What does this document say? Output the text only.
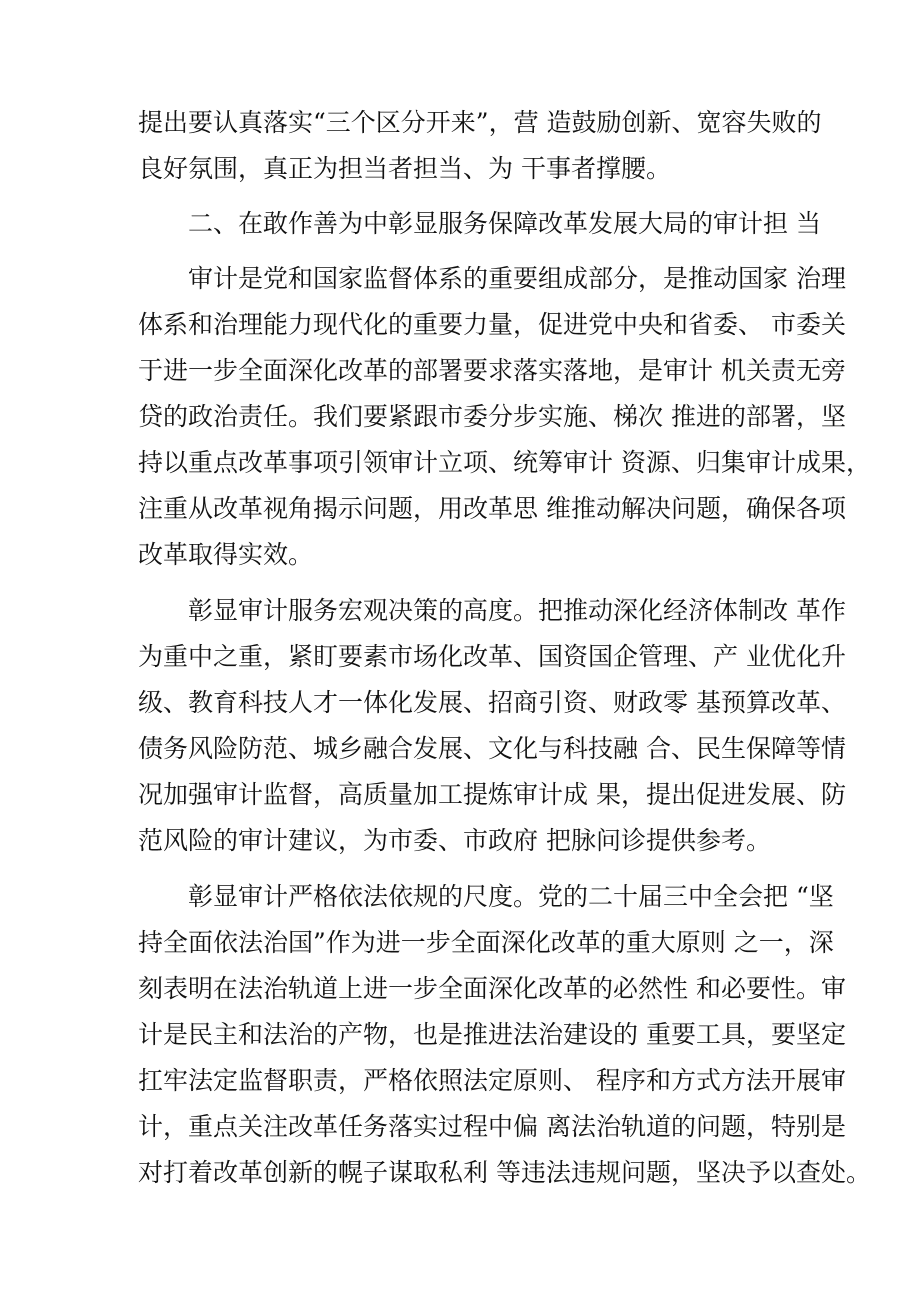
提出要认真落实“三个区分开来”，营 造鼓励创新、宽容失败的
良好氛围，真正为担当者担当、为 干事者撑腰。
二、在敢作善为中彰显服务保障改革发展大局的审计担 当
审计是党和国家监督体系的重要组成部分，是推动国家 治理
体系和治理能力现代化的重要力量，促进党中央和省委、 市委关
于进一步全面深化改革的部署要求落实落地，是审计 机关责无旁
贷的政治责任。我们要紧跟市委分步实施、梯次 推进的部署，坚
持以重点改革事项引领审计立项、统筹审计 资源、归集审计成果，
注重从改革视角揭示问题，用改革思 维推动解决问题，确保各项
改革取得实效。
彰显审计服务宏观决策的高度。把推动深化经济体制改 革作
为重中之重，紧盯要素市场化改革、国资国企管理、产 业优化升
级、教育科技人才一体化发展、招商引资、财政零 基预算改革、
债务风险防范、城乡融合发展、文化与科技融 合、民生保障等情
况加强审计监督，高质量加工提炼审计成 果，提出促进发展、防
范风险的审计建议，为市委、市政府 把脉问诊提供参考。
彰显审计严格依法依规的尺度。党的二十届三中全会把 “坚
持全面依法治国”作为进一步全面深化改革的重大原则 之一，深
刻表明在法治轨道上进一步全面深化改革的必然性 和必要性。审
计是民主和法治的产物，也是推进法治建设的 重要工具，要坚定
扛牢法定监督职责，严格依照法定原则、 程序和方式方法开展审
计，重点关注改革任务落实过程中偏 离法治轨道的问题，特别是
对打着改革创新的幌子谋取私利 等违法违规问题，坚决予以查处。
